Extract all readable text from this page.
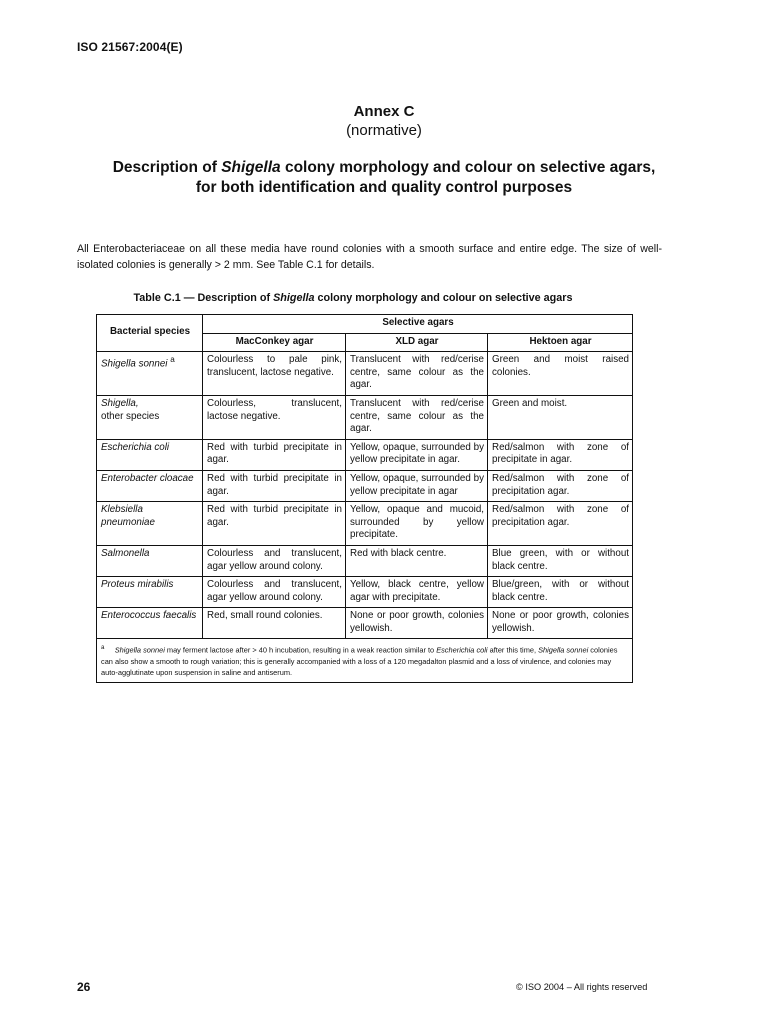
ISO 21567:2004(E)
Annex C
(normative)
Description of Shigella colony morphology and colour on selective agars,
for both identification and quality control purposes
All Enterobacteriaceae on all these media have round colonies with a smooth surface and entire edge. The size of well-isolated colonies is generally > 2 mm. See Table C.1 for details.
Table C.1 — Description of Shigella colony morphology and colour on selective agars
Bacterial species	Selective agars		
	MacConkey agar	XLD agar	Hektoen agar
Shigella sonnei $^a$	Colourless to pale pink, translucent, lactose negative.	Translucent with red/cerise centre, same colour as the agar.	Green and moist raised colonies.
Shigella,
other species	Colourless, translucent, lactose negative.	Translucent with red/cerise centre, same colour as the agar.	Green and moist.
Escherichia coli	Red with turbid precipitate in agar.	Yellow, opaque, surrounded by yellow precipitate in agar.	Red/salmon with zone of precipitate in agar.
Enterobacter cloacae	Red with turbid precipitate in agar.	Yellow, opaque, surrounded by yellow precipitate in agar	Red/salmon with zone of precipitation agar.
Klebsiella pneumoniae	Red with turbid precipitate in agar.	Yellow, opaque and mucoid, surrounded by yellow precipitate.	Red/salmon with zone of precipitation agar.
Salmonella	Colourless and translucent, agar yellow around colony.	Red with black centre.	Blue green, with or without black centre.
Proteus mirabilis	Colourless and translucent, agar yellow around colony.	Yellow, black centre, yellow agar with precipitate.	Blue/green, with or without black centre.
Enterococcus faecalis	Red, small round colonies.	None or poor growth, colonies yellowish.	None or poor growth, colonies yellowish.
$^a$ Shigella sonnei may ferment lactose after > 40 h incubation, resulting in a weak reaction similar to Escherichia coli after this time, Shigella sonnei colonies can also show a smooth to rough variation; this is generally accompanied with a loss of a 120 megadalton plasmid and a loss of virulence, and colonies may auto-agglutinate upon suspension in saline and antiserum.			
26	© ISO 2004 – All rights reserved
